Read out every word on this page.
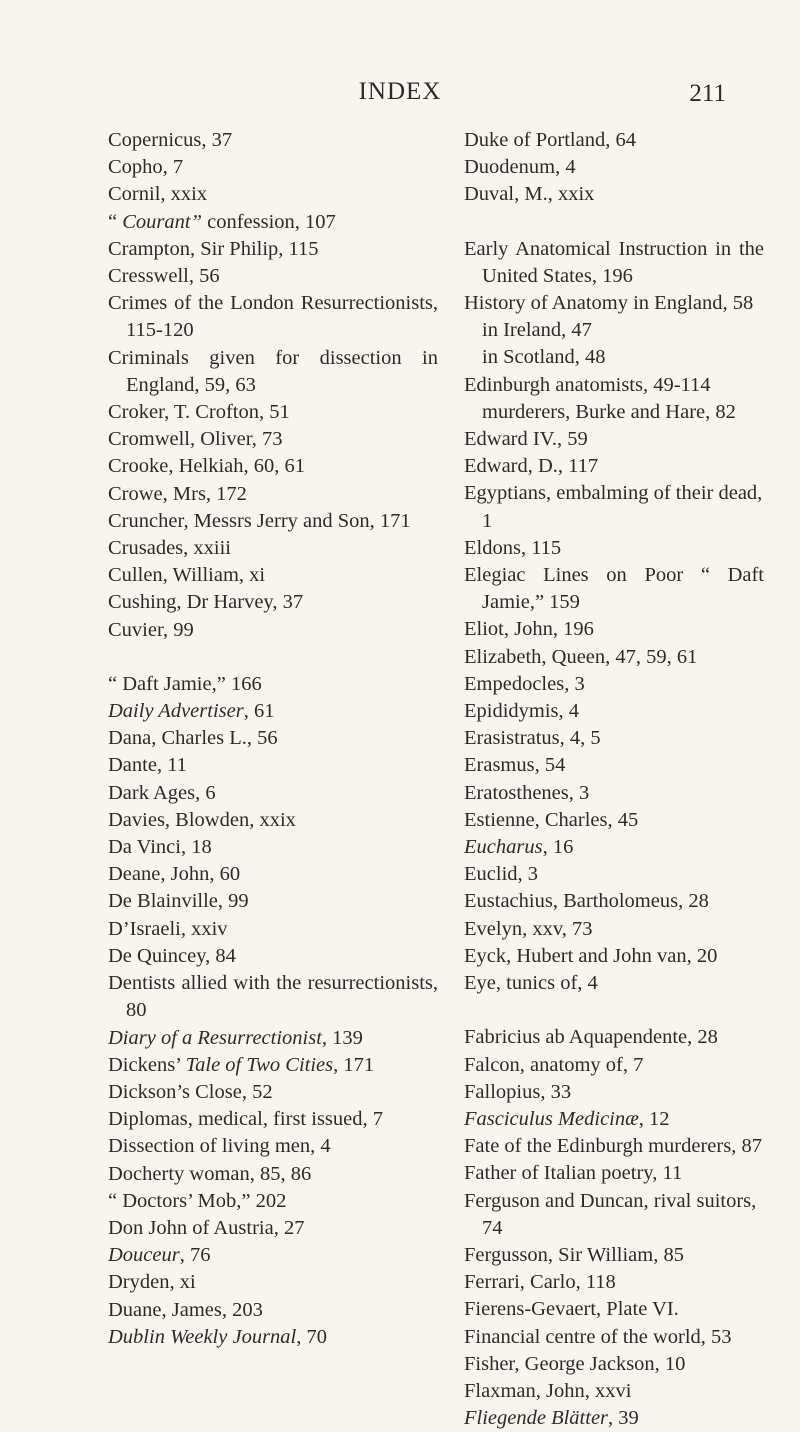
INDEX	211

Copernicus, 37

Copho, 7

Cornil, xxix

“ Courant” confession, 107

Crampton, Sir Philip, 115

Cresswell, 56

Crimes of the London Resurrectionists, 115-120

Criminals given for dissection in England, 59, 63

Croker, T. Crofton, 51

Cromwell, Oliver, 73

Crooke, Helkiah, 60, 61

Crowe, Mrs, 172

Cruncher, Messrs Jerry and Son, 171

Crusades, xxiii

Cullen, William, xi

Cushing, Dr Harvey, 37

Cuvier, 99

“ Daft Jamie,” 166

Daily Advertiser, 61

Dana, Charles L., 56

Dante, 11

Dark Ages, 6

Davies, Blowden, xxix

Da Vinci, 18

Deane, John, 60

De Blainville, 99

D’Israeli, xxiv

De Quincey, 84

Dentists allied with the resurrectionists, 80

Diary of a Resurrectionist, 139

Dickens’ Tale of Two Cities, 171

Dickson’s Close, 52

Diplomas, medical, first issued, 7

Dissection of living men, 4

Docherty woman, 85, 86

“ Doctors’ Mob,” 202

Don John of Austria, 27

Douceur, 76

Dryden, xi

Duane, James, 203

Dublin Weekly Journal, 70

Duke of Portland, 64

Duodenum, 4

Duval, M., xxix

Early Anatomical Instruction in the United States, 196

History of Anatomy in England, 58

in Ireland, 47

in Scotland, 48

Edinburgh anatomists, 49-114

murderers, Burke and Hare, 82

Edward IV., 59

Edward, D., 117

Egyptians, embalming of their dead, 1

Eldons, 115

Elegiac Lines on Poor “ Daft Jamie,” 159

Eliot, John, 196

Elizabeth, Queen, 47, 59, 61

Empedocles, 3

Epididymis, 4

Erasistratus, 4, 5

Erasmus, 54

Eratosthenes, 3

Estienne, Charles, 45

Eucharus, 16

Euclid, 3

Eustachius, Bartholomeus, 28

Evelyn, xxv, 73

Eyck, Hubert and John van, 20

Eye, tunics of, 4

Fabricius ab Aquapendente, 28

Falcon, anatomy of, 7

Fallopius, 33

Fasciculus Medicinæ, 12

Fate of the Edinburgh murderers, 87

Father of Italian poetry, 11

Ferguson and Duncan, rival suitors, 74

Fergusson, Sir William, 85

Ferrari, Carlo, 118

Fierens-Gevaert, Plate VI.

Financial centre of the world, 53

Fisher, George Jackson, 10

Flaxman, John, xxvi

Fliegende Blätter, 39
